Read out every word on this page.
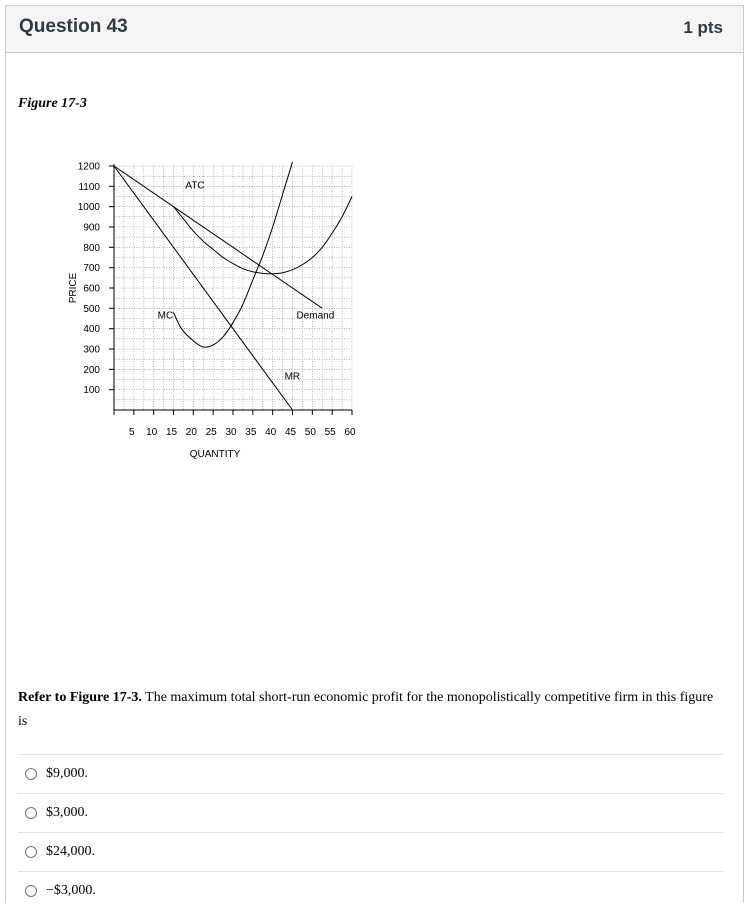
Question 43	1 pts
Figure 17-3
100
200
300
400
500
600
700
800
900
1000
1100
1200
5 10 15 20 25 30 35 40 45 50 55 60
QUANTITY
PRICE
ATC
MC	Demand
MR
Refer to Figure 17-3. The maximum total short-run economic profit for the monopolistically competitive firm in this figure is
$9,000.
$3,000.
$24,000.
−$3,000.
